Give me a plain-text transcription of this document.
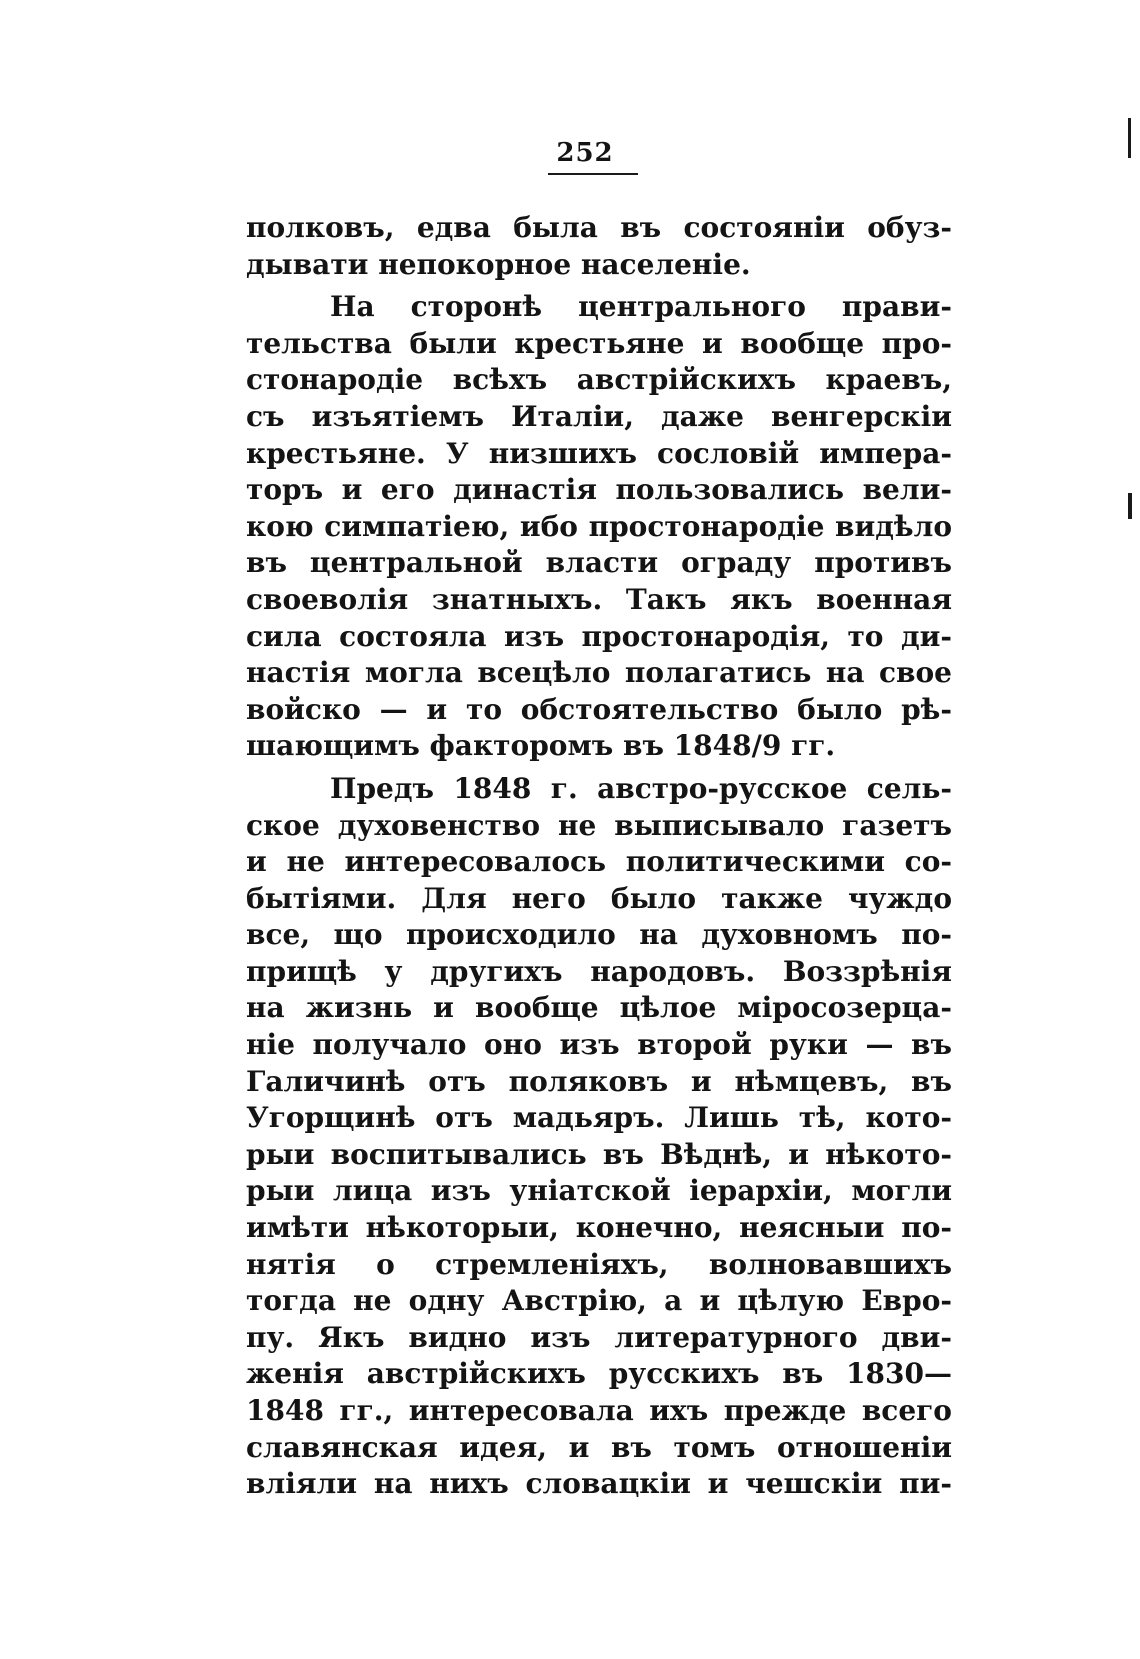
252
полковъ, едва была въ состоянiи обуз-
дывати непокорное населенiе.
На сторонѣ центрального прави-
тельства были крестьяне и вообще про-
стонародiе всѣхъ австрiйскихъ краевъ,
съ изъятiемъ Италiи, даже венгерскiи
крестьяне. У низшихъ сословiй импера-
торъ и его династiя пользовались вели-
кою симпатiею, ибо простонародiе видѣло
въ центральной власти ограду противъ
своеволiя знатныхъ. Такъ якъ военная
сила состояла изъ простонародiя, то ди-
настiя могла всецѣло полагатись на свое
войско — и то обстоятельство было рѣ-
шающимъ факторомъ въ 1848/9 гг.
Предъ 1848 г. австро-русское сель-
ское духовенство не выписывало газетъ
и не интересовалось политическими со-
бытiями. Для него было также чуждо
все, що происходило на духовномъ по-
прищѣ у другихъ народовъ. Воззрѣнiя
на жизнь и вообще цѣлое мiросозерца-
нiе получало оно изъ второй руки — въ
Галичинѣ отъ поляковъ и нѣмцевъ, въ
Угорщинѣ отъ мадьяръ. Лишь тѣ, кото-
рыи воспитывались въ Вѣднѣ, и нѣкото-
рыи лица изъ унiатской iерархiи, могли
имѣти нѣкоторыи, конечно, неясныи по-
нятiя о стремленiяхъ, волновавшихъ
тогда не одну Австрiю, а и цѣлую Евро-
пу. Якъ видно изъ литературного дви-
женiя австрiйскихъ русскихъ въ 1830—
1848 гг., интересовала ихъ прежде всего
славянская идея, и въ томъ отношенiи
влiяли на нихъ словацкiи и чешскiи пи-
